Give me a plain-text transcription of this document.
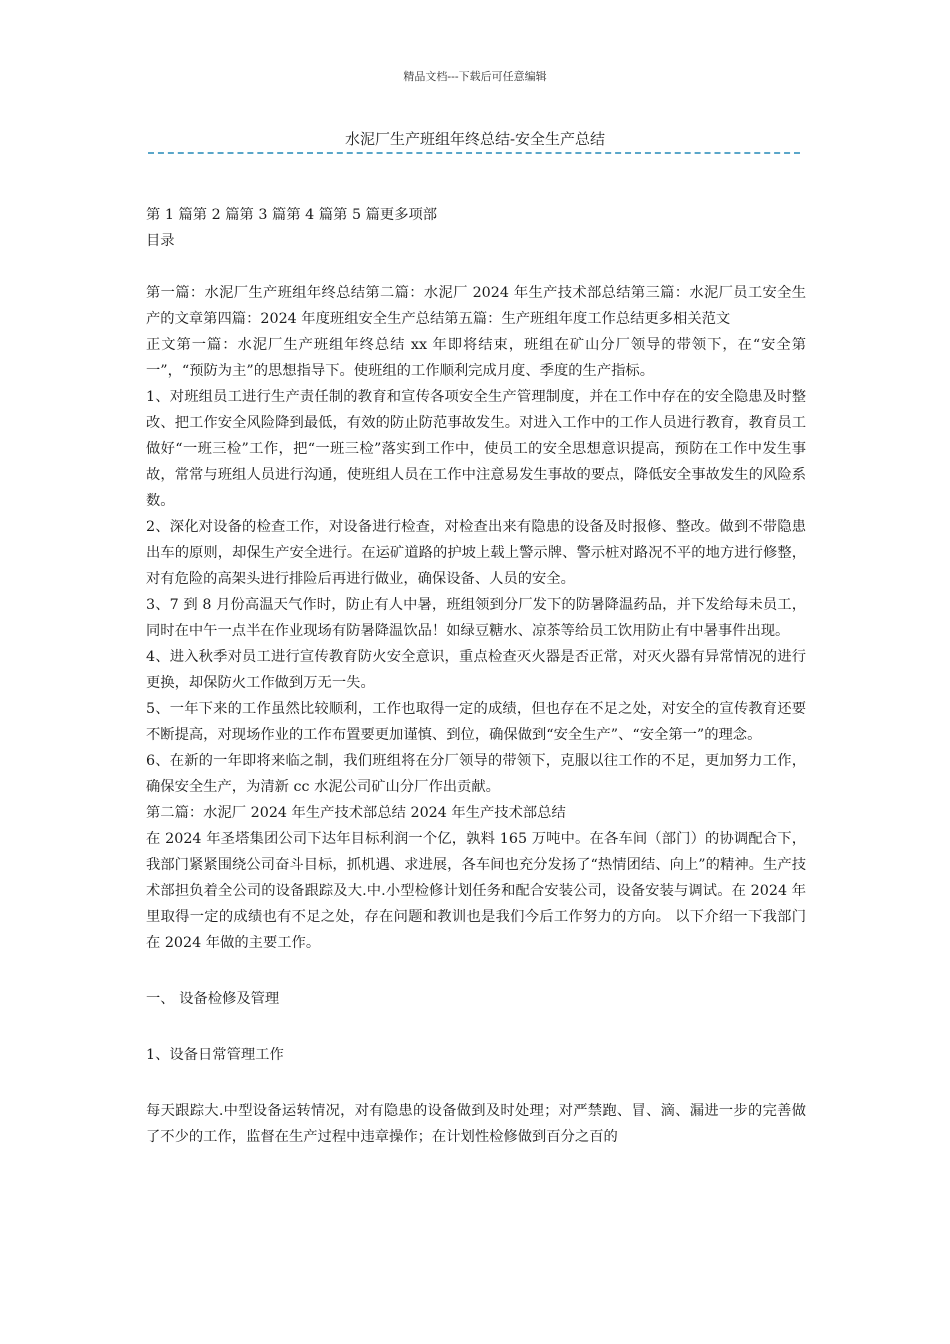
精品文档---下载后可任意编辑
水泥厂生产班组年终总结-安全生产总结

第 1 篇第 2 篇第 3 篇第 4 篇第 5 篇更多项部

目录

第一篇：水泥厂生产班组年终总结第二篇：水泥厂 2024 年生产技术部总结第三篇：水泥厂员工安全生产的文章第四篇：2024 年度班组安全生产总结第五篇：生产班组年度工作总结更多相关范文

正文第一篇：水泥厂生产班组年终总结 xx 年即将结束，班组在矿山分厂领导的带领下，在“安全第一”，“预防为主”的思想指导下。使班组的工作顺利完成月度、季度的生产指标。

1、对班组员工进行生产责任制的教育和宣传各项安全生产管理制度，并在工作中存在的安全隐患及时整改、把工作安全风险降到最低，有效的防止防范事故发生。对进入工作中的工作人员进行教育，教育员工做好“一班三检”工作，把“一班三检”落实到工作中，使员工的安全思想意识提高，预防在工作中发生事故，常常与班组人员进行沟通，使班组人员在工作中注意易发生事故的要点，降低安全事故发生的风险系数。

2、深化对设备的检查工作，对设备进行检查，对检查出来有隐患的设备及时报修、整改。做到不带隐患出车的原则，却保生产安全进行。在运矿道路的护坡上载上警示牌、警示桩对路况不平的地方进行修整，对有危险的高架头进行排险后再进行做业，确保设备、人员的安全。

3、7 到 8 月份高温天气作时，防止有人中暑，班组领到分厂发下的防暑降温药品，并下发给每未员工，同时在中午一点半在作业现场有防暑降温饮品！如绿豆糖水、凉茶等给员工饮用防止有中暑事件出现。

4、进入秋季对员工进行宣传教育防火安全意识，重点检查灭火器是否正常，对灭火器有异常情况的进行更换，却保防火工作做到万无一失。

5、一年下来的工作虽然比较顺利，工作也取得一定的成绩，但也存在不足之处，对安全的宣传教育还要不断提高，对现场作业的工作布置要更加谨慎、到位，确保做到“安全生产”、“安全第一”的理念。

6、在新的一年即将来临之制，我们班组将在分厂领导的带领下，克服以往工作的不足，更加努力工作，确保安全生产，为清新 cc 水泥公司矿山分厂作出贡献。

第二篇：水泥厂 2024 年生产技术部总结 2024 年生产技术部总结

在 2024 年圣塔集团公司下达年目标利润一个亿，孰料 165 万吨中。在各车间（部门）的协调配合下，我部门紧紧围绕公司奋斗目标，抓机遇、求进展，各车间也充分发扬了“热情团结、向上”的精神。生产技术部担负着全公司的设备跟踪及大.中.小型检修计划任务和配合安装公司，设备安装与调试。在 2024 年里取得一定的成绩也有不足之处，存在问题和教训也是我们今后工作努力的方向。 以下介绍一下我部门在 2024 年做的主要工作。

一、 设备检修及管理

1、设备日常管理工作

每天跟踪大.中型设备运转情况，对有隐患的设备做到及时处理；对严禁跑、冒、滴、漏进一步的完善做了不少的工作，监督在生产过程中违章操作；在计划性检修做到百分之百的
